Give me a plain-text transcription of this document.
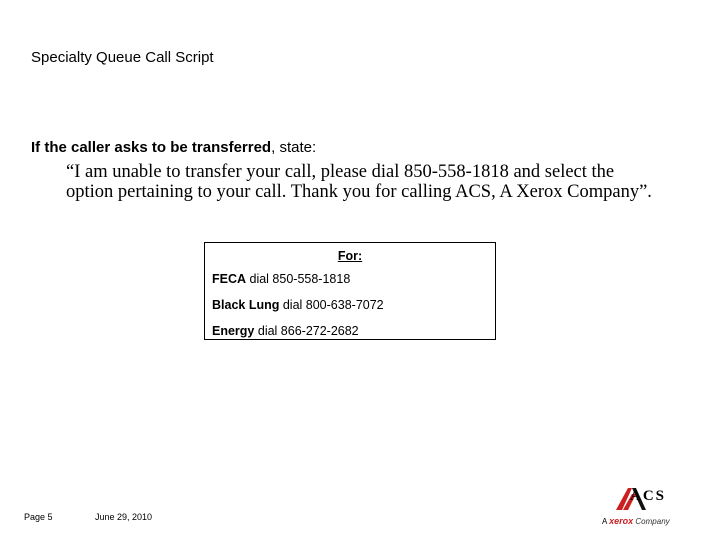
Specialty Queue Call Script
If the caller asks to be transferred, state:
“I am unable to transfer your call, please dial 850-558-1818 and select the option pertaining to your call. Thank you for calling ACS, A Xerox Company”.
For:
FECA dial 850-558-1818
Black Lung dial 800-638-7072
Energy dial 866-272-2682
Page 5	June 29, 2010
ACS
A xerox Company
